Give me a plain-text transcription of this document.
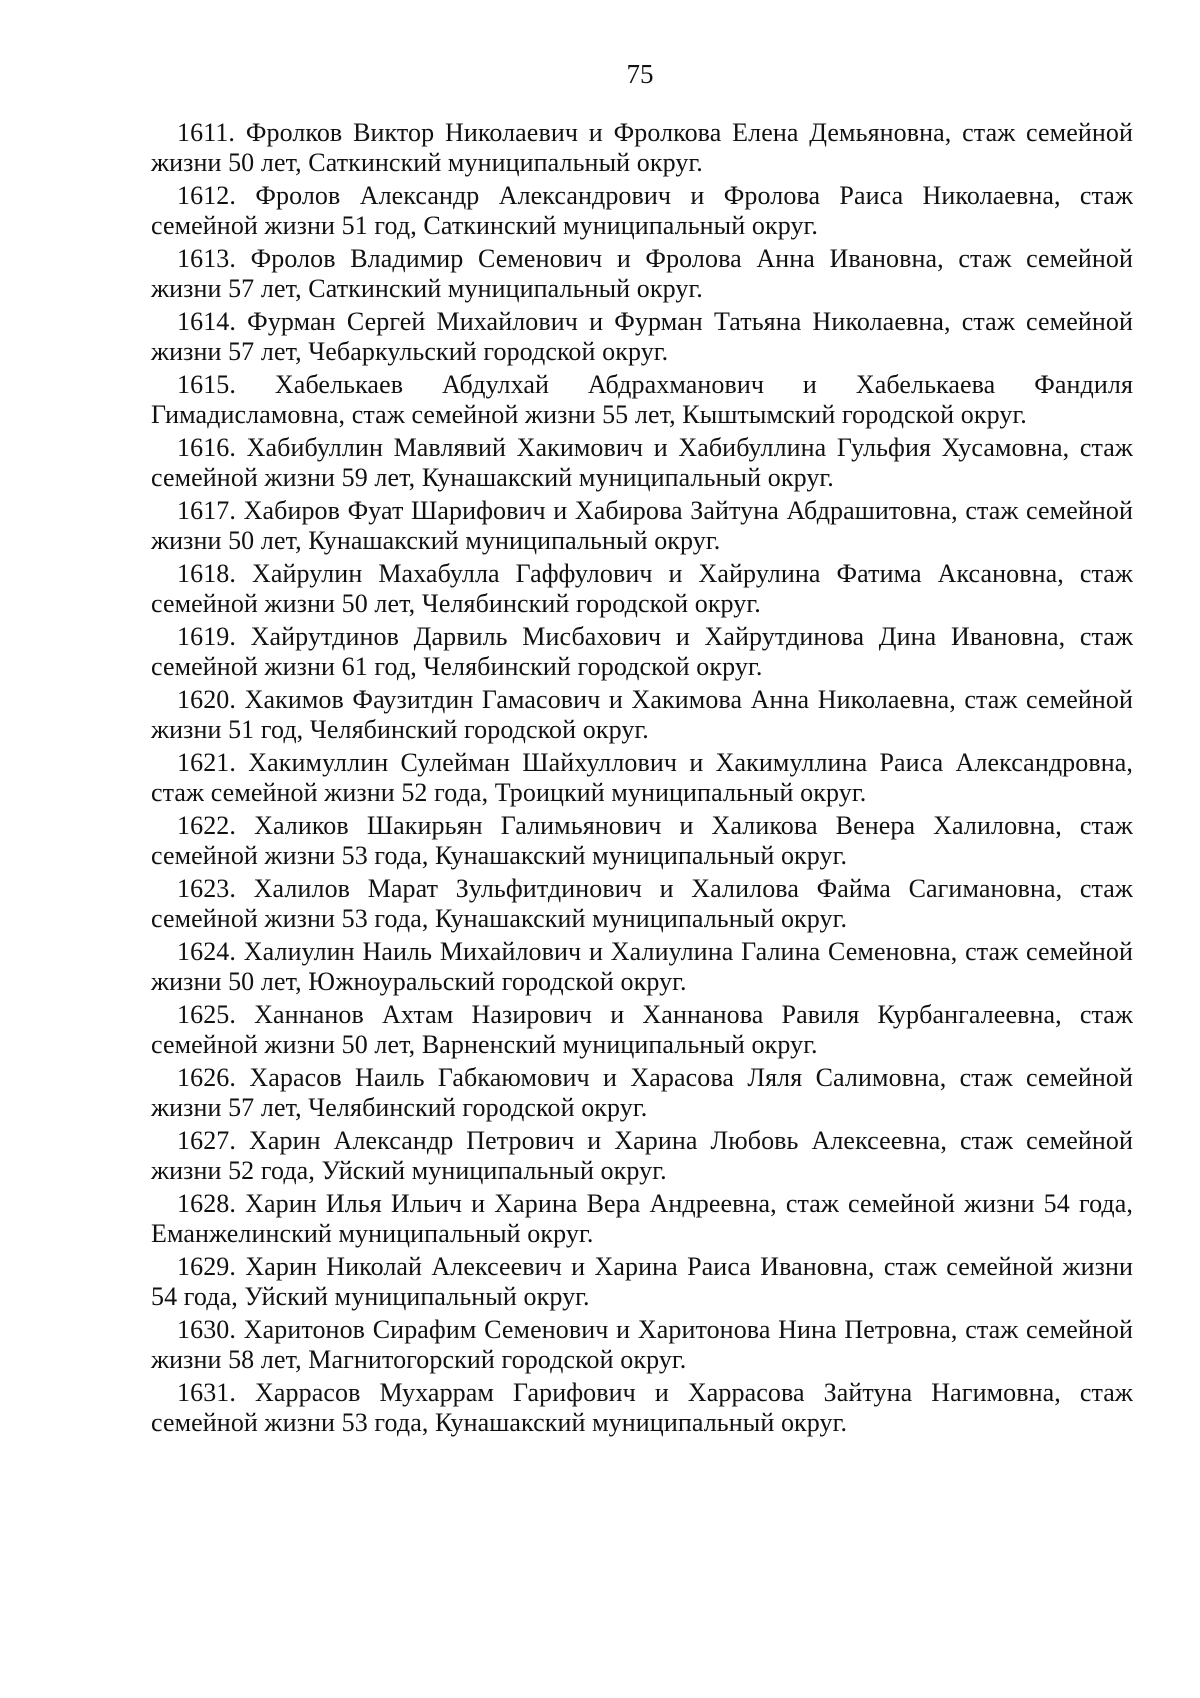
75

1611. Фролков Виктор Николаевич и Фролкова Елена Демьяновна, стаж семейной жизни 50 лет, Саткинский муниципальный округ.

1612. Фролов Александр Александрович и Фролова Раиса Николаевна, стаж семейной жизни 51 год, Саткинский муниципальный округ.

1613. Фролов Владимир Семенович и Фролова Анна Ивановна, стаж семейной жизни 57 лет, Саткинский муниципальный округ.

1614. Фурман Сергей Михайлович и Фурман Татьяна Николаевна, стаж семейной жизни 57 лет, Чебаркульский городской округ.

1615. Хабелькаев Абдулхай Абдрахманович и Хабелькаева Фандиля Гимадисламовна, стаж семейной жизни 55 лет, Кыштымский городской округ.

1616. Хабибуллин Мавлявий Хакимович и Хабибуллина Гульфия Хусамовна, стаж семейной жизни 59 лет, Кунашакский муниципальный округ.

1617. Хабиров Фуат Шарифович и Хабирова Зайтуна Абдрашитовна, стаж семейной жизни 50 лет, Кунашакский муниципальный округ.

1618. Хайрулин Махабулла Гаффулович и Хайрулина Фатима Аксановна, стаж семейной жизни 50 лет, Челябинский городской округ.

1619. Хайрутдинов Дарвиль Мисбахович и Хайрутдинова Дина Ивановна, стаж семейной жизни 61 год, Челябинский городской округ.

1620. Хакимов Фаузитдин Гамасович и Хакимова Анна Николаевна, стаж семейной жизни 51 год, Челябинский городской округ.

1621. Хакимуллин Сулейман Шайхуллович и Хакимуллина Раиса Александровна, стаж семейной жизни 52 года, Троицкий муниципальный округ.

1622. Халиков Шакирьян Галимьянович и Халикова Венера Халиловна, стаж семейной жизни 53 года, Кунашакский муниципальный округ.

1623. Халилов Марат Зульфитдинович и Халилова Файма Сагимановна, стаж семейной жизни 53 года, Кунашакский муниципальный округ.

1624. Халиулин Наиль Михайлович и Халиулина Галина Семеновна, стаж семейной жизни 50 лет, Южноуральский городской округ.

1625. Ханнанов Ахтам Назирович и Ханнанова Равиля Курбангалеевна, стаж семейной жизни 50 лет, Варненский муниципальный округ.

1626. Харасов Наиль Габкаюмович и Харасова Ляля Салимовна, стаж семейной жизни 57 лет, Челябинский городской округ.

1627. Харин Александр Петрович и Харина Любовь Алексеевна, стаж семейной жизни 52 года, Уйский муниципальный округ.

1628. Харин Илья Ильич и Харина Вера Андреевна, стаж семейной жизни 54 года, Еманжелинский муниципальный округ.

1629. Харин Николай Алексеевич и Харина Раиса Ивановна, стаж семейной жизни 54 года, Уйский муниципальный округ.

1630. Харитонов Сирафим Семенович и Харитонова Нина Петровна, стаж семейной жизни 58 лет, Магнитогорский городской округ.

1631. Харрасов Мухаррам Гарифович и Харрасова Зайтуна Нагимовна, стаж семейной жизни 53 года, Кунашакский муниципальный округ.
